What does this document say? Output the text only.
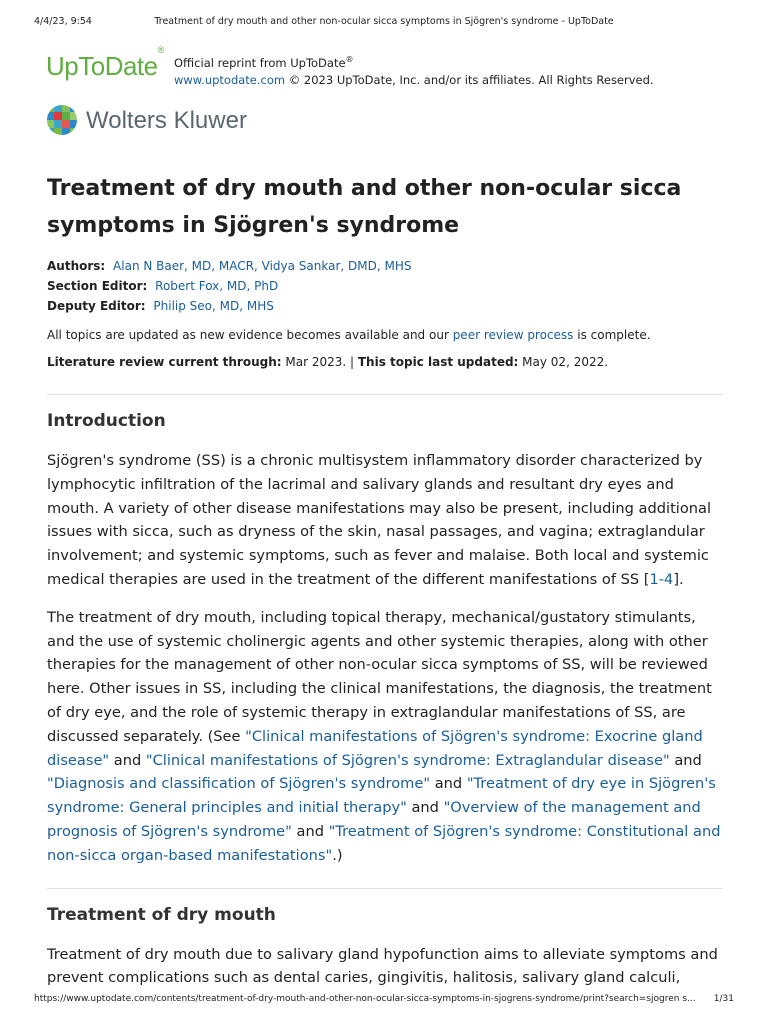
4/4/23, 9:54	Treatment of dry mouth and other non-ocular sicca symptoms in Sjögren's syndrome - UpToDate
UpToDate®
Official reprint from UpToDate®
www.uptodate.com © 2023 UpToDate, Inc. and/or its affiliates. All Rights Reserved.
Wolters Kluwer
Treatment of dry mouth and other non-ocular sicca symptoms in Sjögren's syndrome
Authors: Alan N Baer, MD, MACR, Vidya Sankar, DMD, MHS
Section Editor: Robert Fox, MD, PhD
Deputy Editor: Philip Seo, MD, MHS
All topics are updated as new evidence becomes available and our peer review process is complete.
Literature review current through: Mar 2023. | This topic last updated: May 02, 2022.
Introduction

Sjögren's syndrome (SS) is a chronic multisystem inflammatory disorder characterized by lymphocytic infiltration of the lacrimal and salivary glands and resultant dry eyes and mouth. A variety of other disease manifestations may also be present, including additional issues with sicca, such as dryness of the skin, nasal passages, and vagina; extraglandular involvement; and systemic symptoms, such as fever and malaise. Both local and systemic medical therapies are used in the treatment of the different manifestations of SS [1-4].

The treatment of dry mouth, including topical therapy, mechanical/gustatory stimulants, and the use of systemic cholinergic agents and other systemic therapies, along with other therapies for the management of other non-ocular sicca symptoms of SS, will be reviewed here. Other issues in SS, including the clinical manifestations, the diagnosis, the treatment of dry eye, and the role of systemic therapy in extraglandular manifestations of SS, are discussed separately. (See "Clinical manifestations of Sjögren's syndrome: Exocrine gland disease" and "Clinical manifestations of Sjögren's syndrome: Extraglandular disease" and "Diagnosis and classification of Sjögren's syndrome" and "Treatment of dry eye in Sjögren's syndrome: General principles and initial therapy" and "Overview of the management and prognosis of Sjögren's syndrome" and "Treatment of Sjögren's syndrome: Constitutional and non-sicca organ-based manifestations".)

Treatment of dry mouth

Treatment of dry mouth due to salivary gland hypofunction aims to alleviate symptoms and prevent complications such as dental caries, gingivitis, halitosis, salivary gland calculi,

https://www.uptodate.com/contents/treatment-of-dry-mouth-and-other-non-ocular-sicca-symptoms-in-sjogrens-syndrome/print?search=sjogren s...	1/31
